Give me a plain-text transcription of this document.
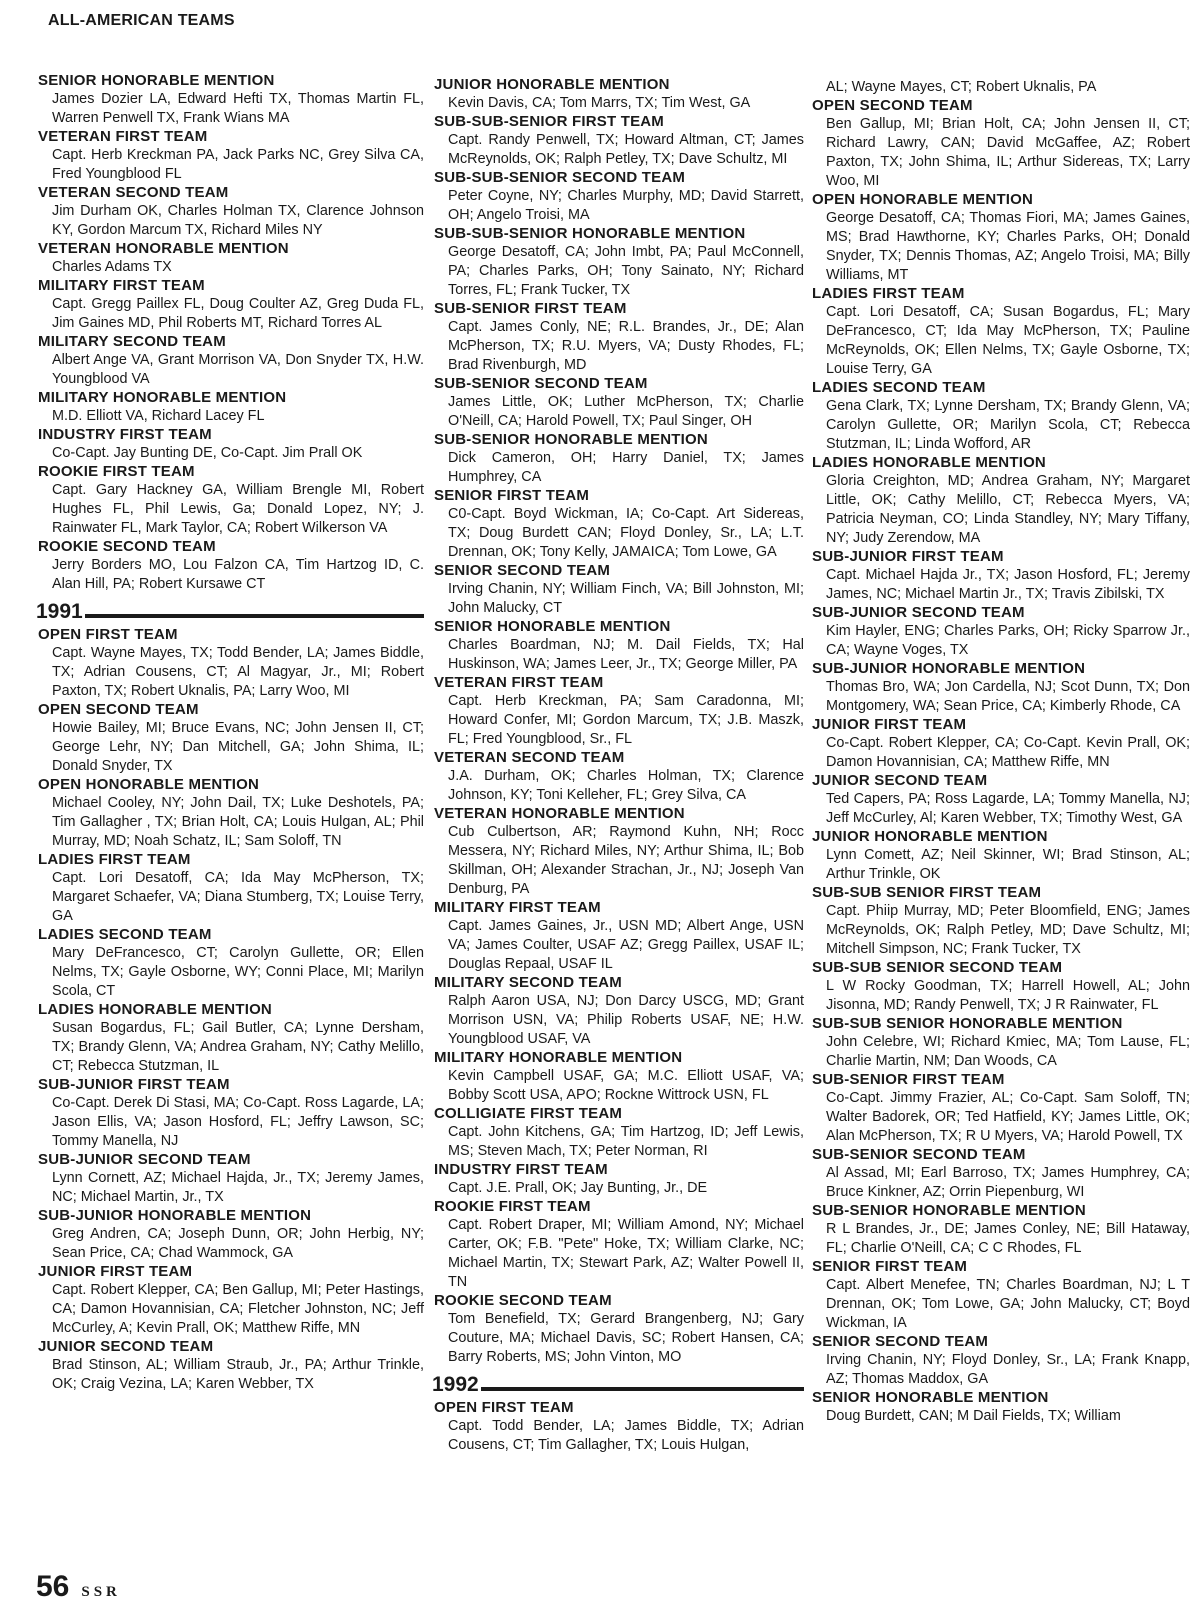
ALL-AMERICAN TEAMS
SENIOR HONORABLE MENTION
James Dozier LA, Edward Hefti TX, Thomas Martin FL, Warren Penwell TX, Frank Wians MA
VETERAN FIRST TEAM
Capt. Herb Kreckman PA, Jack Parks NC, Grey Silva CA, Fred Youngblood FL
VETERAN SECOND TEAM
Jim Durham OK, Charles Holman TX, Clarence Johnson KY, Gordon Marcum TX, Richard Miles NY
VETERAN HONORABLE MENTION
Charles Adams TX
MILITARY FIRST TEAM
Capt. Gregg Paillex FL, Doug Coulter AZ, Greg Duda FL, Jim Gaines MD, Phil Roberts MT, Richard Torres AL
MILITARY SECOND TEAM
Albert Ange VA, Grant Morrison VA, Don Snyder TX, H.W. Youngblood VA
MILITARY HONORABLE MENTION
M.D. Elliott VA, Richard Lacey FL
INDUSTRY FIRST TEAM
Co-Capt. Jay Bunting DE, Co-Capt. Jim Prall OK
ROOKIE FIRST TEAM
Capt. Gary Hackney GA, William Brengle MI, Robert Hughes FL, Phil Lewis, Ga; Donald Lopez, NY; J. Rainwater FL, Mark Taylor, CA; Robert Wilkerson VA
ROOKIE SECOND TEAM
Jerry Borders MO, Lou Falzon CA, Tim Hartzog ID, C. Alan Hill, PA; Robert Kursawe CT
1991
OPEN FIRST TEAM
Capt. Wayne Mayes, TX; Todd Bender, LA; James Biddle, TX; Adrian Cousens, CT; Al Magyar, Jr., MI; Robert Paxton, TX; Robert Uknalis, PA; Larry Woo, MI
OPEN SECOND TEAM
Howie Bailey, MI; Bruce Evans, NC; John Jensen II, CT; George Lehr, NY; Dan Mitchell, GA; John Shima, IL; Donald Snyder, TX
OPEN HONORABLE MENTION
Michael Cooley, NY; John Dail, TX; Luke Deshotels, PA; Tim Gallagher , TX; Brian Holt, CA; Louis Hulgan, AL; Phil Murray, MD; Noah Schatz, IL; Sam Soloff, TN
LADIES FIRST TEAM
Capt. Lori Desatoff, CA; Ida May McPherson, TX; Margaret Schaefer, VA; Diana Stumberg, TX; Louise Terry, GA
LADIES SECOND TEAM
Mary DeFrancesco, CT; Carolyn Gullette, OR; Ellen Nelms, TX; Gayle Osborne, WY; Conni Place, MI; Marilyn Scola, CT
LADIES HONORABLE MENTION
Susan Bogardus, FL; Gail Butler, CA; Lynne Dersham, TX; Brandy Glenn, VA; Andrea Graham, NY; Cathy Melillo, CT; Rebecca Stutzman, IL
SUB-JUNIOR FIRST TEAM
Co-Capt. Derek Di Stasi, MA; Co-Capt. Ross Lagarde, LA; Jason Ellis, VA; Jason Hosford, FL; Jeffry Lawson, SC; Tommy Manella, NJ
SUB-JUNIOR SECOND TEAM
Lynn Cornett, AZ; Michael Hajda, Jr., TX; Jeremy James, NC; Michael Martin, Jr., TX
SUB-JUNIOR HONORABLE MENTION
Greg Andren, CA; Joseph Dunn, OR; John Herbig, NY; Sean Price, CA; Chad Wammock, GA
JUNIOR FIRST TEAM
Capt. Robert Klepper, CA; Ben Gallup, MI; Peter Hastings, CA; Damon Hovannisian, CA; Fletcher Johnston, NC; Jeff McCurley, A; Kevin Prall, OK; Matthew Riffe, MN
JUNIOR SECOND TEAM
Brad Stinson, AL; William Straub, Jr., PA; Arthur Trinkle, OK; Craig Vezina, LA; Karen Webber, TX
JUNIOR HONORABLE MENTION
Kevin Davis, CA; Tom Marrs, TX; Tim West, GA
SUB-SUB-SENIOR FIRST TEAM
Capt. Randy Penwell, TX; Howard Altman, CT; James McReynolds, OK; Ralph Petley, TX; Dave Schultz, MI
SUB-SUB-SENIOR SECOND TEAM
Peter Coyne, NY; Charles Murphy, MD; David Starrett, OH; Angelo Troisi, MA
SUB-SUB-SENIOR HONORABLE MENTION
George Desatoff, CA; John Imbt, PA; Paul McConnell, PA; Charles Parks, OH; Tony Sainato, NY; Richard Torres, FL; Frank Tucker, TX
SUB-SENIOR FIRST TEAM
Capt. James Conly, NE; R.L. Brandes, Jr., DE; Alan McPherson, TX; R.U. Myers, VA; Dusty Rhodes, FL; Brad Rivenburgh, MD
SUB-SENIOR SECOND TEAM
James Little, OK; Luther McPherson, TX; Charlie O'Neill, CA; Harold Powell, TX; Paul Singer, OH
SUB-SENIOR HONORABLE MENTION
Dick Cameron, OH; Harry Daniel, TX; James Humphrey, CA
SENIOR FIRST TEAM
C0-Capt. Boyd Wickman, IA; Co-Capt. Art Sidereas, TX; Doug Burdett CAN; Floyd Donley, Sr., LA; L.T. Drennan, OK; Tony Kelly, JAMAICA; Tom Lowe, GA
SENIOR SECOND TEAM
Irving Chanin, NY; William Finch, VA; Bill Johnston, MI; John Malucky, CT
SENIOR HONORABLE MENTION
Charles Boardman, NJ; M. Dail Fields, TX; Hal Huskinson, WA; James Leer, Jr., TX; George Miller, PA
VETERAN FIRST TEAM
Capt. Herb Kreckman, PA; Sam Caradonna, MI; Howard Confer, MI; Gordon Marcum, TX; J.B. Maszk, FL; Fred Youngblood, Sr., FL
VETERAN SECOND TEAM
J.A. Durham, OK; Charles Holman, TX; Clarence Johnson, KY; Toni Kelleher, FL; Grey Silva, CA
VETERAN HONORABLE MENTION
Cub Culbertson, AR; Raymond Kuhn, NH; Rocc Messera, NY; Richard Miles, NY; Arthur Shima, IL; Bob Skillman, OH; Alexander Strachan, Jr., NJ; Joseph Van Denburg, PA
MILITARY FIRST TEAM
Capt. James Gaines, Jr., USN MD; Albert Ange, USN VA; James Coulter, USAF AZ; Gregg Paillex, USAF IL; Douglas Repaal, USAF IL
MILITARY SECOND TEAM
Ralph Aaron USA, NJ; Don Darcy USCG, MD; Grant Morrison USN, VA; Philip Roberts USAF, NE; H.W. Youngblood USAF, VA
MILITARY HONORABLE MENTION
Kevin Campbell USAF, GA; M.C. Elliott USAF, VA; Bobby Scott USA, APO; Rockne Wittrock USN, FL
COLLIGIATE FIRST TEAM
Capt. John Kitchens, GA; Tim Hartzog, ID; Jeff Lewis, MS; Steven Mach, TX; Peter Norman, RI
INDUSTRY FIRST TEAM
Capt. J.E. Prall, OK; Jay Bunting, Jr., DE
ROOKIE FIRST TEAM
Capt. Robert Draper, MI; William Amond, NY; Michael Carter, OK; F.B. "Pete" Hoke, TX; William Clarke, NC; Michael Martin, TX; Stewart Park, AZ; Walter Powell II, TN
ROOKIE SECOND TEAM
Tom Benefield, TX; Gerard Brangenberg, NJ; Gary Couture, MA; Michael Davis, SC; Robert Hansen, CA; Barry Roberts, MS; John Vinton, MO
1992
OPEN FIRST TEAM
Capt. Todd Bender, LA; James Biddle, TX; Adrian Cousens, CT; Tim Gallagher, TX; Louis Hulgan,
AL; Wayne Mayes, CT; Robert Uknalis, PA
OPEN SECOND TEAM
Ben Gallup, MI; Brian Holt, CA; John Jensen II, CT; Richard Lawry, CAN; David McGaffee, AZ; Robert Paxton, TX; John Shima, IL; Arthur Sidereas, TX; Larry Woo, MI
OPEN HONORABLE MENTION
George Desatoff, CA; Thomas Fiori, MA; James Gaines, MS; Brad Hawthorne, KY; Charles Parks, OH; Donald Snyder, TX; Dennis Thomas, AZ; Angelo Troisi, MA; Billy Williams, MT
LADIES FIRST TEAM
Capt. Lori Desatoff, CA; Susan Bogardus, FL; Mary DeFrancesco, CT; Ida May McPherson, TX; Pauline McReynolds, OK; Ellen Nelms, TX; Gayle Osborne, TX; Louise Terry, GA
LADIES SECOND TEAM
Gena Clark, TX; Lynne Dersham, TX; Brandy Glenn, VA; Carolyn Gullette, OR; Marilyn Scola, CT; Rebecca Stutzman, IL; Linda Wofford, AR
LADIES HONORABLE MENTION
Gloria Creighton, MD; Andrea Graham, NY; Margaret Little, OK; Cathy Melillo, CT; Rebecca Myers, VA; Patricia Neyman, CO; Linda Standley, NY; Mary Tiffany, NY; Judy Zerendow, MA
SUB-JUNIOR FIRST TEAM
Capt. Michael Hajda Jr., TX; Jason Hosford, FL; Jeremy James, NC; Michael Martin Jr., TX; Travis Zibilski, TX
SUB-JUNIOR SECOND TEAM
Kim Hayler, ENG; Charles Parks, OH; Ricky Sparrow Jr., CA; Wayne Voges, TX
SUB-JUNIOR HONORABLE MENTION
Thomas Bro, WA; Jon Cardella, NJ; Scot Dunn, TX; Don Montgomery, WA; Sean Price, CA; Kimberly Rhode, CA
JUNIOR FIRST TEAM
Co-Capt. Robert Klepper, CA; Co-Capt. Kevin Prall, OK; Damon Hovannisian, CA; Matthew Riffe, MN
JUNIOR SECOND TEAM
Ted Capers, PA; Ross Lagarde, LA; Tommy Manella, NJ; Jeff McCurley, Al; Karen Webber, TX; Timothy West, GA
JUNIOR HONORABLE MENTION
Lynn Comett, AZ; Neil Skinner, WI; Brad Stinson, AL; Arthur Trinkle, OK
SUB-SUB SENIOR FIRST TEAM
Capt. Phiip Murray, MD; Peter Bloomfield, ENG; James McReynolds, OK; Ralph Petley, MD; Dave Schultz, MI; Mitchell Simpson, NC; Frank Tucker, TX
SUB-SUB SENIOR SECOND TEAM
L W Rocky Goodman, TX; Harrell Howell, AL; John Jisonna, MD; Randy Penwell, TX; J R Rainwater, FL
SUB-SUB SENIOR HONORABLE MENTION
John Celebre, WI; Richard Kmiec, MA; Tom Lause, FL; Charlie Martin, NM; Dan Woods, CA
SUB-SENIOR FIRST TEAM
Co-Capt. Jimmy Frazier, AL; Co-Capt. Sam Soloff, TN; Walter Badorek, OR; Ted Hatfield, KY; James Little, OK; Alan McPherson, TX; R U Myers, VA; Harold Powell, TX
SUB-SENIOR SECOND TEAM
Al Assad, MI; Earl Barroso, TX; James Humphrey, CA; Bruce Kinkner, AZ; Orrin Piepenburg, WI
SUB-SENIOR HONORABLE MENTION
R L Brandes, Jr., DE; James Conley, NE; Bill Hataway, FL; Charlie O'Neill, CA; C C Rhodes, FL
SENIOR FIRST TEAM
Capt. Albert Menefee, TN; Charles Boardman, NJ; L T Drennan, OK; Tom Lowe, GA; John Malucky, CT; Boyd Wickman, IA
SENIOR SECOND TEAM
Irving Chanin, NY; Floyd Donley, Sr., LA; Frank Knapp, AZ; Thomas Maddox, GA
SENIOR HONORABLE MENTION
Doug Burdett, CAN; M Dail Fields, TX; William
56 SSR
